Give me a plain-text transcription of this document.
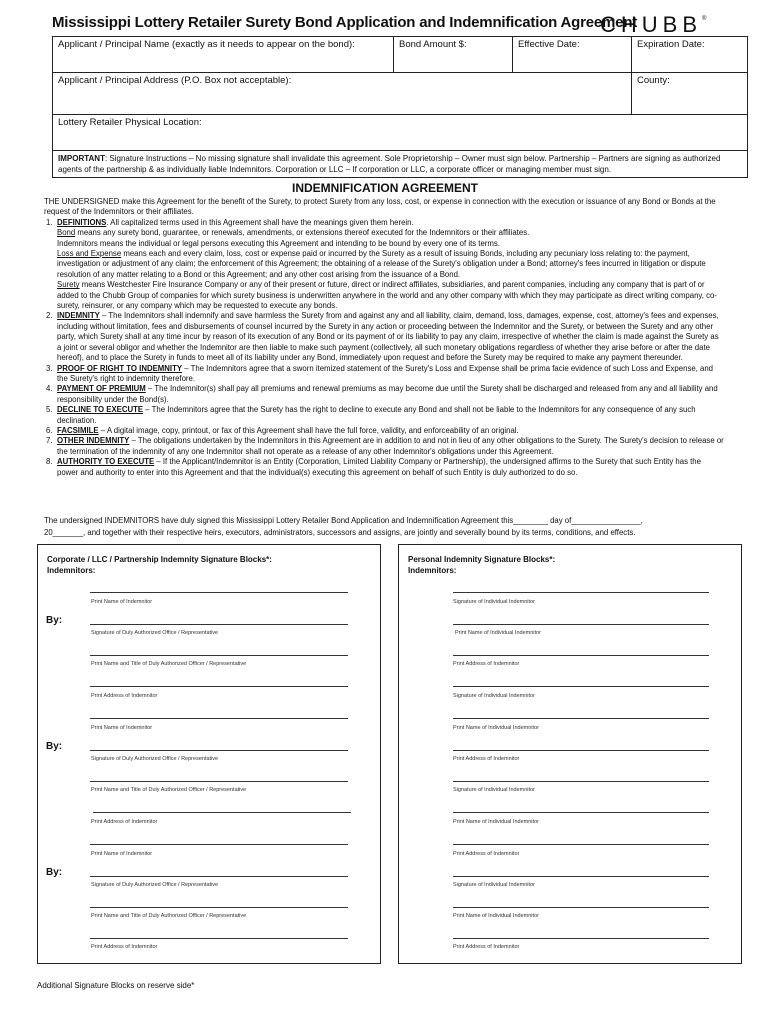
Mississippi Lottery Retailer Surety Bond Application and Indemnification Agreement
CHUBB®
Applicant / Principal Name (exactly as it needs to appear on the bond):	Bond Amount $:	Effective Date:	Expiration Date:
Applicant / Principal Address (P.O. Box not acceptable):			County:
Lottery Retailer Physical Location:			
IMPORTANT: Signature Instructions – No missing signature shall invalidate this agreement. Sole Proprietorship – Owner must sign below. Partnership – Partners are signing as authorized agents of the partnership & as individually liable Indemnitors. Corporation or LLC – If corporation or LLC, a corporate officer or managing member must sign.			
INDEMNIFICATION AGREEMENT

THE UNDERSIGNED make this Agreement for the benefit of the Surety, to protect Surety from any loss, cost, or expense in connection with the execution or issuance of any Bond or Bonds at the request of the Indemnitors or their affiliates.

1. DEFINITIONS. All capitalized terms used in this Agreement shall have the meanings given them herein.

Bond means any surety bond, guarantee, or renewals, amendments, or extensions thereof executed for the Indemnitors or their affiliates.

Indemnitors means the individual or legal persons executing this Agreement and intending to be bound by every one of its terms.

Loss and Expense means each and every claim, loss, cost or expense paid or incurred by the Surety as a result of issuing Bonds, including any pecuniary loss relating to: the payment, investigation or adjustment of any claim; the enforcement of this Agreement; the obtaining of a release of the Surety's obligation under a Bond; attorney's fees incurred in litigation or dispute resolution of any matter relating to a Bond or this Agreement; and any other cost arising from the issuance of a Bond.

Surety means Westchester Fire Insurance Company or any of their present or future, direct or indirect affiliates, subsidiaries, and parent companies, including any company that is part of or added to the Chubb Group of companies for which surety business is underwritten anywhere in the world and any other company with which they may participate as direct writing company, co-surety, reinsurer, or any company which may be requested to execute any bonds.

2. INDEMNITY – The Indemnitors shall indemnify and save harmless the Surety from and against any and all liability, claim, demand, loss, damages, expense, cost, attorney's fees and expenses, including without limitation, fees and disbursements of counsel incurred by the Surety in any action or proceeding between the Indemnitor and the Surety, or between the Surety and any other party, which Surety shall at any time incur by reason of its execution of any Bond or its payment of or its liability to pay any claim, irrespective of whether the claim is made against the Surety as a joint or several obligor and whether the Indemnitor are then liable to make such payment (collectively, all such monetary obligations regardless of whether they arise before or after the date hereof), and to place the Surety in funds to meet all of its liability under any Bond, immediately upon request and before the Surety may be required to make any payment thereunder.
3. PROOF OF RIGHT TO INDEMNITY – The Indemnitors agree that a sworn itemized statement of the Surety's Loss and Expense shall be prima facie evidence of such Loss and Expense, and the Surety's right to indemnity therefore.
4. PAYMENT OF PREMIUM – The Indemnitor(s) shall pay all premiums and renewal premiums as may become due until the Surety shall be discharged and released from any and all liability and responsibility under the Bond(s).
5. DECLINE TO EXECUTE – The Indemnitors agree that the Surety has the right to decline to execute any Bond and shall not be liable to the Indemnitors for any consequence of any such declination.
6. FACSIMILE – A digital image, copy, printout, or fax of this Agreement shall have the full force, validity, and enforceability of an original.
7. OTHER INDEMNITY – The obligations undertaken by the Indemnitors in this Agreement are in addition to and not in lieu of any other obligations to the Surety. The Surety's decision to release or the termination of the indemnity of any one Indemnitor shall not operate as a release of any other Indemnitor's obligations under this Agreement.
8. AUTHORITY TO EXECUTE – If the Applicant/Indemnitor is an Entity (Corporation, Limited Liability Company or Partnership), the undersigned affirms to the Surety that such Entity has the power and authority to enter into this Agreement and that the individual(s) executing this agreement on behalf of such Entity is duly authorized to do so.
The undersigned INDEMNITORS have duly signed this Mississippi Lottery Retailer Bond Application and Indemnification Agreement this________ day of________________,
20_______, and together with their respective heirs, executors, administrators, successors and assigns, are jointly and severally bound by its terms, conditions, and effects.
Corporate / LLC / Partnership Indemnity Signature Blocks*:
Indemnitors:
Print Name of Indemnitor
By:
Signature of Duly Authorized Office / Representative
Print Name and Title of Duly Authorized Officer / Representative
Print Address of Indemnitor
Print Name of Indemnitor
By:
Signature of Duly Authorized Office / Representative
Print Name and Title of Duly Authorized Officer / Representative
Print Address of Indemnitor
Print Name of Indemnitor
By:
Signature of Duly Authorized Office / Representative
Print Name and Title of Duly Authorized Officer / Representative
Print Address of Indemnitor
Personal Indemnity Signature Blocks*:
Indemnitors:
Signature of Individual Indemnitor
Print Name of Individual Indemnitor
Print Address of Indemnitor
Signature of Individual Indemnitor
Print Name of Individual Indemnitor
Print Address of Indemnitor
Signature of Individual Indemnitor
Print Name of Individual Indemnitor
Print Address of Indemnitor
Signature of Individual Indemnitor
Print Name of Individual Indemnitor
Print Address of Indemnitor
Additional Signature Blocks on reserve side*
